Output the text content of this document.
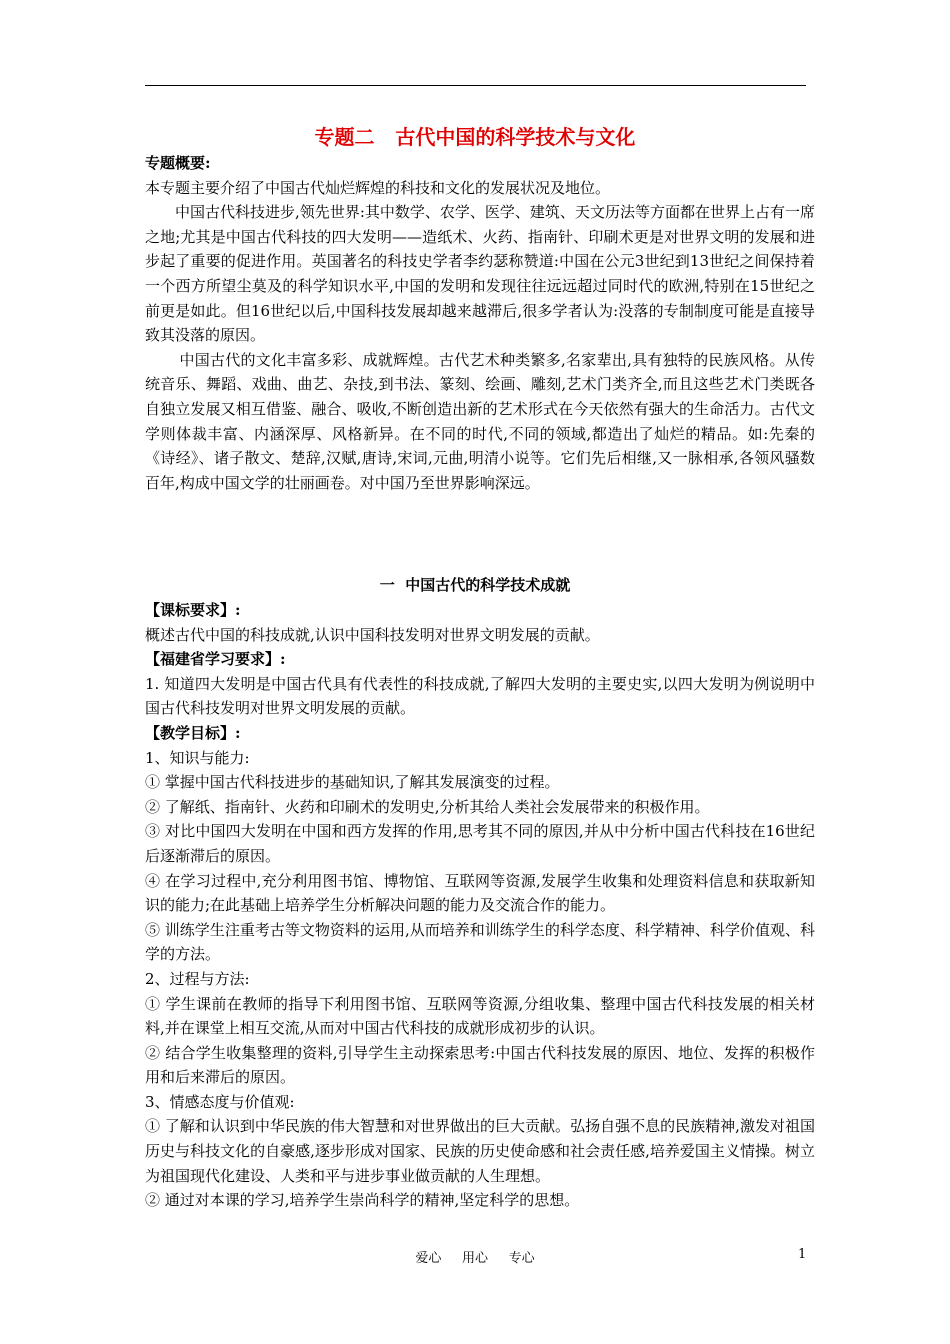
专题二   古代中国的科学技术与文化

专题概要:

本专题主要介绍了中国古代灿烂辉煌的科技和文化的发展状况及地位。

中国古代科技进步,领先世界:其中数学、农学、医学、建筑、天文历法等方面都在世界上占有一席之地;尤其是中国古代科技的四大发明——造纸术、火药、指南针、印刷术更是对世界文明的发展和进步起了重要的促进作用。英国著名的科技史学者李约瑟称赞道:中国在公元3世纪到13世纪之间保持着一个西方所望尘莫及的科学知识水平,中国的发明和发现往往远远超过同时代的欧洲,特别在15世纪之前更是如此。但16世纪以后,中国科技发展却越来越滞后,很多学者认为:没落的专制制度可能是直接导致其没落的原因。

中国古代的文化丰富多彩、成就辉煌。古代艺术种类繁多,名家辈出,具有独特的民族风格。从传统音乐、舞蹈、戏曲、曲艺、杂技,到书法、篆刻、绘画、雕刻,艺术门类齐全,而且这些艺术门类既各自独立发展又相互借鉴、融合、吸收,不断创造出新的艺术形式在今天依然有强大的生命活力。古代文学则体裁丰富、内涵深厚、风格新异。在不同的时代,不同的领域,都造出了灿烂的精品。如:先秦的《诗经》、诸子散文、楚辞,汉赋,唐诗,宋词,元曲,明清小说等。它们先后相继,又一脉相承,各领风骚数百年,构成中国文学的壮丽画卷。对中国乃至世界影响深远。

一  中国古代的科学技术成就

【课标要求】:

概述古代中国的科技成就,认识中国科技发明对世界文明发展的贡献。

【福建省学习要求】:

1. 知道四大发明是中国古代具有代表性的科技成就,了解四大发明的主要史实,以四大发明为例说明中国古代科技发明对世界文明发展的贡献。

【教学目标】:

1、知识与能力:

① 掌握中国古代科技进步的基础知识,了解其发展演变的过程。

② 了解纸、指南针、火药和印刷术的发明史,分析其给人类社会发展带来的积极作用。

③ 对比中国四大发明在中国和西方发挥的作用,思考其不同的原因,并从中分析中国古代科技在16世纪后逐渐滞后的原因。

④ 在学习过程中,充分利用图书馆、博物馆、互联网等资源,发展学生收集和处理资料信息和获取新知识的能力;在此基础上培养学生分析解决问题的能力及交流合作的能力。

⑤ 训练学生注重考古等文物资料的运用,从而培养和训练学生的科学态度、科学精神、科学价值观、科学的方法。

2、过程与方法:

① 学生课前在教师的指导下利用图书馆、互联网等资源,分组收集、整理中国古代科技发展的相关材料,并在课堂上相互交流,从而对中国古代科技的成就形成初步的认识。

② 结合学生收集整理的资料,引导学生主动探索思考:中国古代科技发展的原因、地位、发挥的积极作用和后来滞后的原因。

3、情感态度与价值观:

① 了解和认识到中华民族的伟大智慧和对世界做出的巨大贡献。弘扬自强不息的民族精神,激发对祖国历史与科技文化的自豪感,逐步形成对国家、民族的历史使命感和社会责任感,培养爱国主义情操。树立为祖国现代化建设、人类和平与进步事业做贡献的人生理想。

② 通过对本课的学习,培养学生崇尚科学的精神,坚定科学的思想。

爱心     用心     专心	1
